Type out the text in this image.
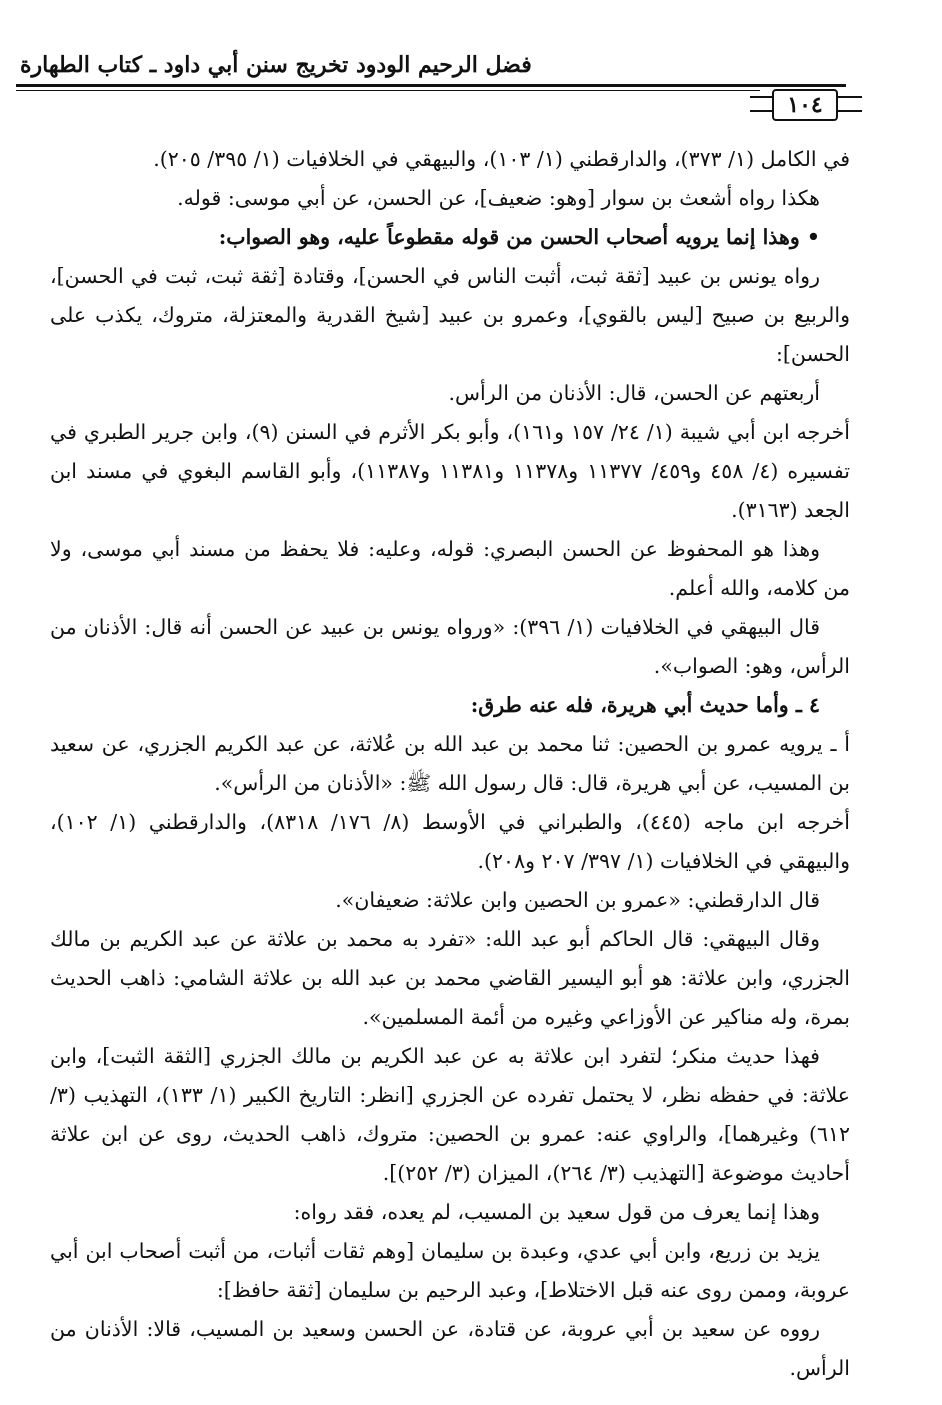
فضل الرحيم الودود تخريج سنن أبي داود ـ كتاب الطهارة
١٠٤

في الكامل (١/ ٣٧٣)، والدارقطني (١/ ١٠٣)، والبيهقي في الخلافيات (١/ ٣٩٥/ ٢٠٥).

هكذا رواه أشعث بن سوار [وهو: ضعيف]، عن الحسن، عن أبي موسى: قوله.

• وهذا إنما يرويه أصحاب الحسن من قوله مقطوعاً عليه، وهو الصواب:

رواه يونس بن عبيد [ثقة ثبت، أثبت الناس في الحسن]، وقتادة [ثقة ثبت، ثبت في الحسن]، والربيع بن صبيح [ليس بالقوي]، وعمرو بن عبيد [شيخ القدرية والمعتزلة، متروك، يكذب على الحسن]:

أربعتهم عن الحسن، قال: الأذنان من الرأس.

أخرجه ابن أبي شيبة (١/ ٢٤/ ١٥٧ و١٦١)، وأبو بكر الأثرم في السنن (٩)، وابن جرير الطبري في تفسيره (٤/ ٤٥٨ و٤٥٩/ ١١٣٧٧ و١١٣٧٨ و١١٣٨١ و١١٣٨٧)، وأبو القاسم البغوي في مسند ابن الجعد (٣١٦٣).

وهذا هو المحفوظ عن الحسن البصري: قوله، وعليه: فلا يحفظ من مسند أبي موسى، ولا من كلامه، والله أعلم.

قال البيهقي في الخلافيات (١/ ٣٩٦): «ورواه يونس بن عبيد عن الحسن أنه قال: الأذنان من الرأس، وهو: الصواب».

٤ ـ وأما حديث أبي هريرة، فله عنه طرق:

أ ـ يرويه عمرو بن الحصين: ثنا محمد بن عبد الله بن عُلاثة، عن عبد الكريم الجزري، عن سعيد بن المسيب، عن أبي هريرة، قال: قال رسول الله ﷺ: «الأذنان من الرأس».

أخرجه ابن ماجه (٤٤٥)، والطبراني في الأوسط (٨/ ١٧٦/ ٨٣١٨)، والدارقطني (١/ ١٠٢)، والبيهقي في الخلافيات (١/ ٣٩٧/ ٢٠٧ و٢٠٨).

قال الدارقطني: «عمرو بن الحصين وابن علاثة: ضعيفان».

وقال البيهقي: قال الحاكم أبو عبد الله: «تفرد به محمد بن علاثة عن عبد الكريم بن مالك الجزري، وابن علاثة: هو أبو اليسير القاضي محمد بن عبد الله بن علاثة الشامي: ذاهب الحديث بمرة، وله مناكير عن الأوزاعي وغيره من أئمة المسلمين».

فهذا حديث منكر؛ لتفرد ابن علاثة به عن عبد الكريم بن مالك الجزري [الثقة الثبت]، وابن علاثة: في حفظه نظر، لا يحتمل تفرده عن الجزري [انظر: التاريخ الكبير (١/ ١٣٣)، التهذيب (٣/ ٦١٢) وغيرهما]، والراوي عنه: عمرو بن الحصين: متروك، ذاهب الحديث، روى عن ابن علاثة أحاديث موضوعة [التهذيب (٣/ ٢٦٤)، الميزان (٣/ ٢٥٢)].

وهذا إنما يعرف من قول سعيد بن المسيب، لم يعده، فقد رواه:

يزيد بن زريع، وابن أبي عدي، وعبدة بن سليمان [وهم ثقات أثبات، من أثبت أصحاب ابن أبي عروبة، وممن روى عنه قبل الاختلاط]، وعبد الرحيم بن سليمان [ثقة حافظ]:

رووه عن سعيد بن أبي عروبة، عن قتادة، عن الحسن وسعيد بن المسيب، قالا: الأذنان من الرأس.
